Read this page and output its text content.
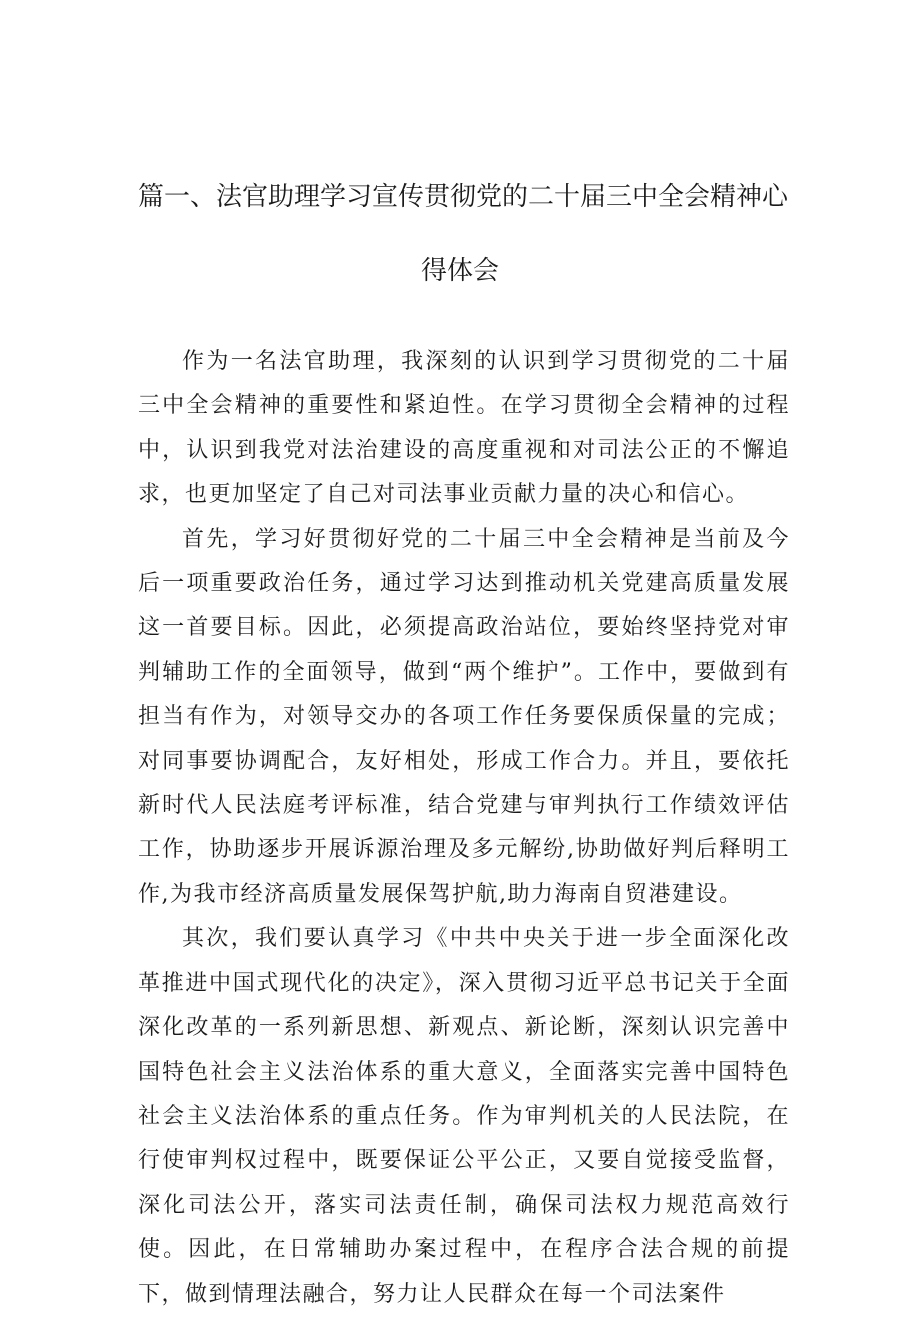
篇一、法官助理学习宣传贯彻党的二十届三中全会精神心
得体会

作为一名法官助理，我深刻的认识到学习贯彻党的二十届三中全会精神的重要性和紧迫性。在学习贯彻全会精神的过程中，认识到我党对法治建设的高度重视和对司法公正的不懈追求，也更加坚定了自己对司法事业贡献力量的决心和信心。

首先，学习好贯彻好党的二十届三中全会精神是当前及今后一项重要政治任务，通过学习达到推动机关党建高质量发展这一首要目标。因此，必须提高政治站位，要始终坚持党对审判辅助工作的全面领导，做到“两个维护”。工作中，要做到有担当有作为，对领导交办的各项工作任务要保质保量的完成；对同事要协调配合，友好相处，形成工作合力。并且，要依托新时代人民法庭考评标准，结合党建与审判执行工作绩效评估工作，协助逐步开展诉源治理及多元解纷,协助做好判后释明工作,为我市经济高质量发展保驾护航,助力海南自贸港建设。

其次，我们要认真学习《中共中央关于进一步全面深化改革推进中国式现代化的决定》，深入贯彻习近平总书记关于全面深化改革的一系列新思想、新观点、新论断，深刻认识完善中国特色社会主义法治体系的重大意义，全面落实完善中国特色社会主义法治体系的重点任务。作为审判机关的人民法院，在行使审判权过程中，既要保证公平公正，又要自觉接受监督，深化司法公开，落实司法责任制，确保司法权力规范高效行使。因此，在日常辅助办案过程中，在程序合法合规的前提下，做到情理法融合，努力让人民群众在每一个司法案件
